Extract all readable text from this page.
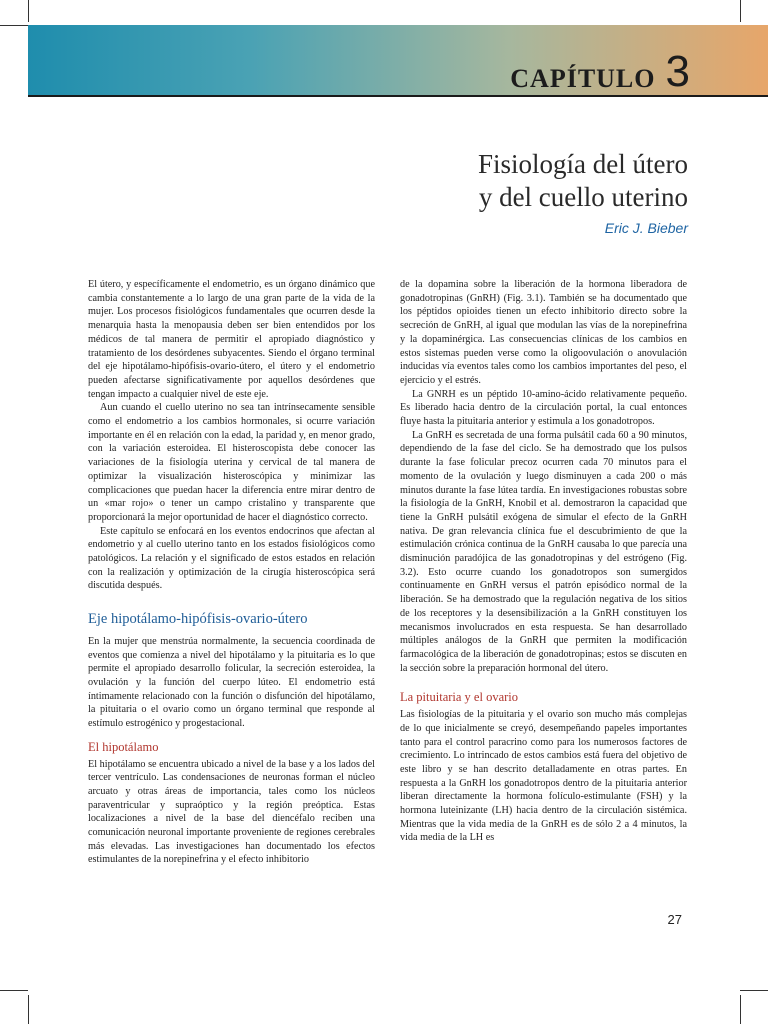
CAPÍTULO 3
Fisiología del útero
y del cuello uterino
Eric J. Bieber

El útero, y específicamente el endometrio, es un órgano dinámico que cambia constantemente a lo largo de una gran parte de la vida de la mujer. Los procesos fisiológicos fundamentales que ocurren desde la menarquia hasta la menopausia deben ser bien entendidos por los médicos de tal manera de permitir el apropiado diagnóstico y tratamiento de los desórdenes subyacentes. Siendo el órgano terminal del eje hipotálamo-hipófisis-ovario-útero, el útero y el endometrio pueden afectarse significativamente por aquellos desórdenes que tengan impacto a cualquier nivel de este eje.

Aun cuando el cuello uterino no sea tan intrínsecamente sensible como el endometrio a los cambios hormonales, si ocurre variación importante en él en relación con la edad, la paridad y, en menor grado, con la variación esteroidea. El histeroscopista debe conocer las variaciones de la fisiología uterina y cervical de tal manera de optimizar la visualización histeroscópica y minimizar las complicaciones que puedan hacer la diferencia entre mirar dentro de un «mar rojo» o tener un campo cristalino y transparente que proporcionará la mejor oportunidad de hacer el diagnóstico correcto.

Este capítulo se enfocará en los eventos endocrinos que afectan al endometrio y al cuello uterino tanto en los estados fisiológicos como patológicos. La relación y el significado de estos estados en relación con la realización y optimización de la cirugía histeroscópica será discutida después.

Eje hipotálamo-hipófisis-ovario-útero

En la mujer que menstrúa normalmente, la secuencia coordinada de eventos que comienza a nivel del hipotálamo y la pituitaria es lo que permite el apropiado desarrollo folicular, la secreción esteroidea, la ovulación y la función del cuerpo lúteo. El endometrio está íntimamente relacionado con la función o disfunción del hipotálamo, la pituitaria o el ovario como un órgano terminal que responde al estímulo estrogénico y progestacional.

El hipotálamo

El hipotálamo se encuentra ubicado a nivel de la base y a los lados del tercer ventrículo. Las condensaciones de neuronas forman el núcleo arcuato y otras áreas de importancia, tales como los núcleos paraventricular y supraóptico y la región preóptica. Estas localizaciones a nivel de la base del diencéfalo reciben una comunicación neuronal importante proveniente de regiones cerebrales más elevadas. Las investigaciones han documentado los efectos estimulantes de la norepinefrina y el efecto inhibitorio

de la dopamina sobre la liberación de la hormona liberadora de gonadotropinas (GnRH) (Fig. 3.1). También se ha documentado que los péptidos opioides tienen un efecto inhibitorio directo sobre la secreción de GnRH, al igual que modulan las vías de la norepinefrina y la dopaminérgica. Las consecuencias clínicas de los cambios en estos sistemas pueden verse como la oligoovulación o anovulación inducidas vía eventos tales como los cambios importantes del peso, el ejercicio y el estrés.

La GNRH es un péptido 10-amino-ácido relativamente pequeño. Es liberado hacia dentro de la circulación portal, la cual entonces fluye hasta la pituitaria anterior y estimula a los gonadotropos.

La GnRH es secretada de una forma pulsátil cada 60 a 90 minutos, dependiendo de la fase del ciclo. Se ha demostrado que los pulsos durante la fase folicular precoz ocurren cada 70 minutos para el momento de la ovulación y luego disminuyen a cada 200 o más minutos durante la fase lútea tardía. En investigaciones robustas sobre la fisiología de la GnRH, Knobil et al. demostraron la capacidad que tiene la GnRH pulsátil exógena de simular el efecto de la GnRH nativa. De gran relevancia clínica fue el descubrimiento de que la estimulación crónica continua de la GnRH causaba lo que parecía una disminución paradójica de las gonadotropinas y del estrógeno (Fig. 3.2). Esto ocurre cuando los gonadotropos son sumergidos continuamente en GnRH versus el patrón episódico normal de la liberación. Se ha demostrado que la regulación negativa de los sitios de los receptores y la desensibilización a la GnRH constituyen los mecanismos involucrados en esta respuesta. Se han desarrollado múltiples análogos de la GnRH que permiten la modificación farmacológica de la liberación de gonadotropinas; estos se discuten en la sección sobre la preparación hormonal del útero.

La pituitaria y el ovario

Las fisiologías de la pituitaria y el ovario son mucho más complejas de lo que inicialmente se creyó, desempeñando papeles importantes tanto para el control paracrino como para los numerosos factores de crecimiento. Lo intrincado de estos cambios está fuera del objetivo de este libro y se han descrito detalladamente en otras partes. En respuesta a la GnRH los gonadotropos dentro de la pituitaria anterior liberan directamente la hormona folículo-estimulante (FSH) y la hormona luteinizante (LH) hacia dentro de la circulación sistémica. Mientras que la vida media de la GnRH es de sólo 2 a 4 minutos, la vida media de la LH es

27
